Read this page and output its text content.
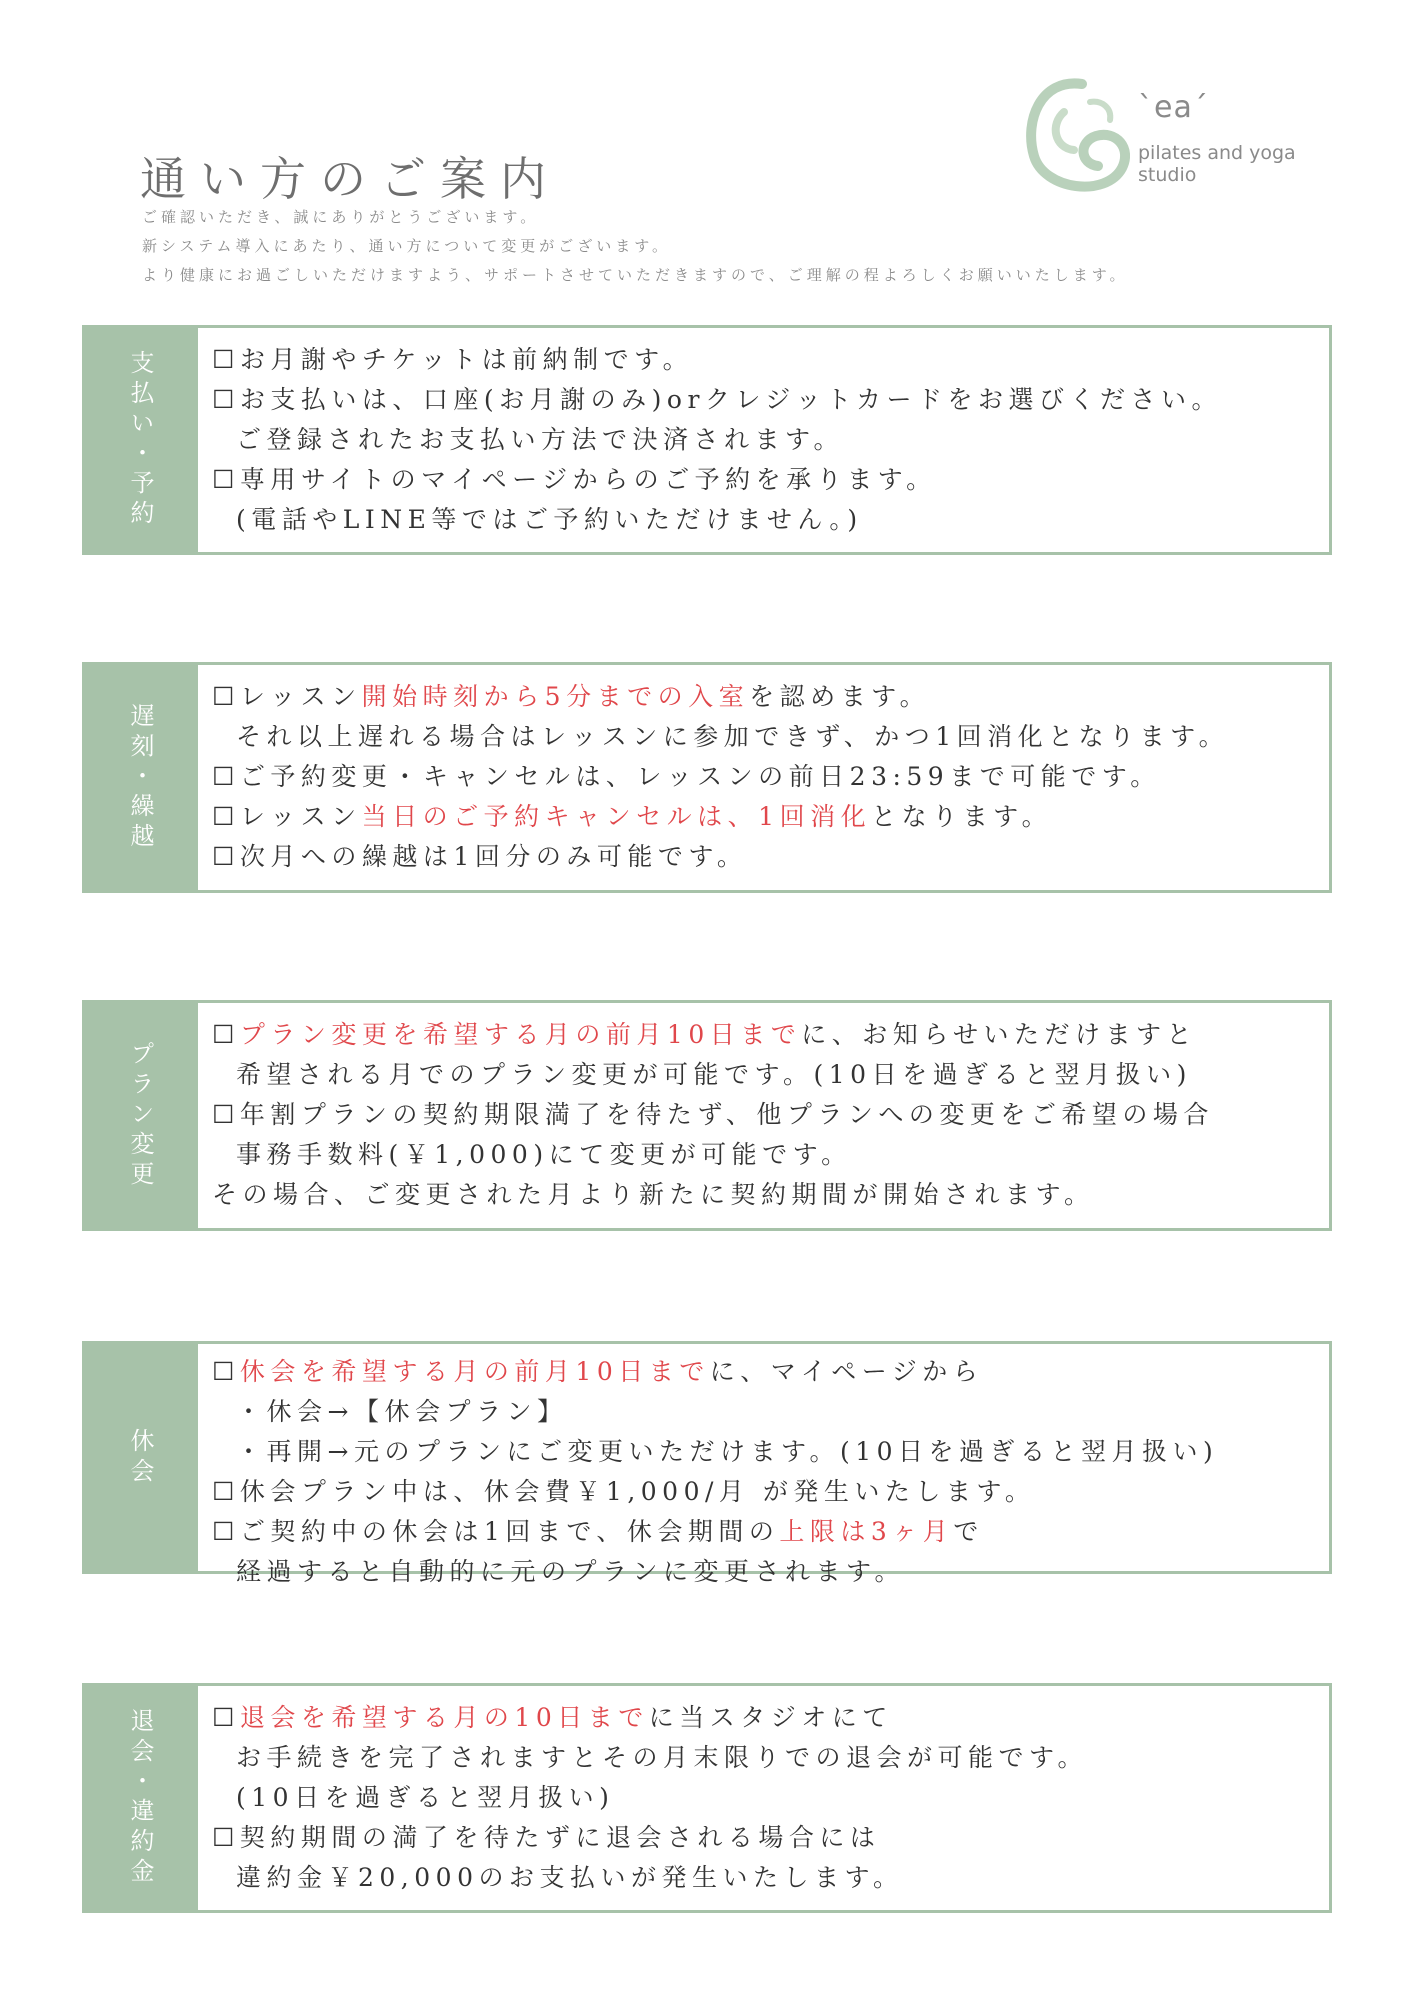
通い方のご案内
ˋeaˊ
pilates and yoga studio
ご確認いただき、誠にありがとうございます。
新システム導入にあたり、通い方について変更がございます。
より健康にお過ごしいただけますよう、サポートさせていただきますので、ご理解の程よろしくお願いいたします。
支払い・予約 ☐お月謝やチケットは前納制です。
☐お支払いは、口座(お月謝のみ)orクレジットカードをお選びください。
ご登録されたお支払い方法で決済されます。
☐専用サイトのマイページからのご予約を承ります。
(電話やLINE等ではご予約いただけません。)
遅刻・繰越
☐レッスン開始時刻から5分までの入室を認めます。
それ以上遅れる場合はレッスンに参加できず、かつ1回消化となります。
☐ご予約変更・キャンセルは、レッスンの前日23:59まで可能です。
☐レッスン当日のご予約キャンセルは、1回消化となります。
☐次月への繰越は1回分のみ可能です。
プラン変更
☐プラン変更を希望する月の前月10日までに、お知らせいただけますと
希望される月でのプラン変更が可能です。(10日を過ぎると翌月扱い)
☐年割プランの契約期限満了を待たず、他プランへの変更をご希望の場合
事務手数料(￥1,000)にて変更が可能です。
その場合、ご変更された月より新たに契約期間が開始されます。
休会
☐休会を希望する月の前月10日までに、マイページから
・休会→【休会プラン】
・再開→元のプランにご変更いただけます。(10日を過ぎると翌月扱い)
☐休会プラン中は、休会費￥1,000/月 が発生いたします。
☐ご契約中の休会は1回まで、休会期間の上限は3ヶ月で
経過すると自動的に元のプランに変更されます。
退会・違約金 ☐退会を希望する月の10日までに当スタジオにて
お手続きを完了されますとその月末限りでの退会が可能です。
(10日を過ぎると翌月扱い)
☐契約期間の満了を待たずに退会される場合には
違約金￥20,000のお支払いが発生いたします。
